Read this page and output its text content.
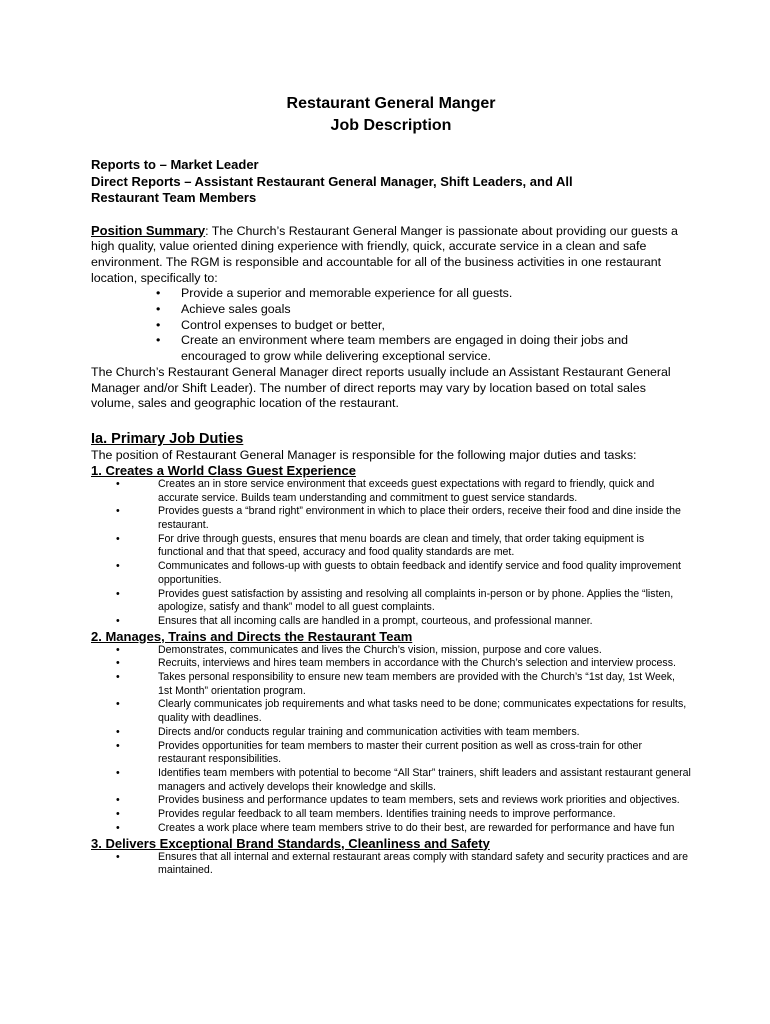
Restaurant General Manger
Job Description
Reports to – Market Leader
Direct Reports – Assistant Restaurant General Manager, Shift Leaders, and All
Restaurant Team Members
Position Summary: The Church’s Restaurant General Manger is passionate about providing our guests a high quality, value oriented dining experience with friendly, quick, accurate service in a clean and safe environment. The RGM is responsible and accountable for all of the business activities in one restaurant location, specifically to:
• Provide a superior and memorable experience for all guests.
• Achieve sales goals
• Control expenses to budget or better,
• Create an environment where team members are engaged in doing their jobs and encouraged to grow while delivering exceptional service.
The Church’s Restaurant General Manager direct reports usually include an Assistant Restaurant General Manager and/or Shift Leader). The number of direct reports may vary by location based on total sales volume, sales and geographic location of the restaurant.
Ia. Primary Job Duties
The position of Restaurant General Manager is responsible for the following major duties and tasks:
1. Creates a World Class Guest Experience
• Creates an in store service environment that exceeds guest expectations with regard to friendly, quick and accurate service. Builds team understanding and commitment to guest service standards.
• Provides guests a “brand right” environment in which to place their orders, receive their food and dine inside the restaurant.
• For drive through guests, ensures that menu boards are clean and timely, that order taking equipment is functional and that that speed, accuracy and food quality standards are met.
• Communicates and follows-up with guests to obtain feedback and identify service and food quality improvement opportunities.
• Provides guest satisfaction by assisting and resolving all complaints in-person or by phone. Applies the “listen, apologize, satisfy and thank” model to all guest complaints.
• Ensures that all incoming calls are handled in a prompt, courteous, and professional manner.
2. Manages, Trains and Directs the Restaurant Team
• Demonstrates, communicates and lives the Church’s vision, mission, purpose and core values.
• Recruits, interviews and hires team members in accordance with the Church’s selection and interview process.
• Takes personal responsibility to ensure new team members are provided with the Church’s “1st day, 1st Week, 1st Month” orientation program.
• Clearly communicates job requirements and what tasks need to be done; communicates expectations for results, quality with deadlines.
• Directs and/or conducts regular training and communication activities with team members.
• Provides opportunities for team members to master their current position as well as cross-train for other restaurant responsibilities.
• Identifies team members with potential to become “All Star” trainers, shift leaders and assistant restaurant general managers and actively develops their knowledge and skills.
• Provides business and performance updates to team members, sets and reviews work priorities and objectives.
• Provides regular feedback to all team members. Identifies training needs to improve performance.
• Creates a work place where team members strive to do their best, are rewarded for performance and have fun
3. Delivers Exceptional Brand Standards, Cleanliness and Safety
• Ensures that all internal and external restaurant areas comply with standard safety and security practices and are maintained.
